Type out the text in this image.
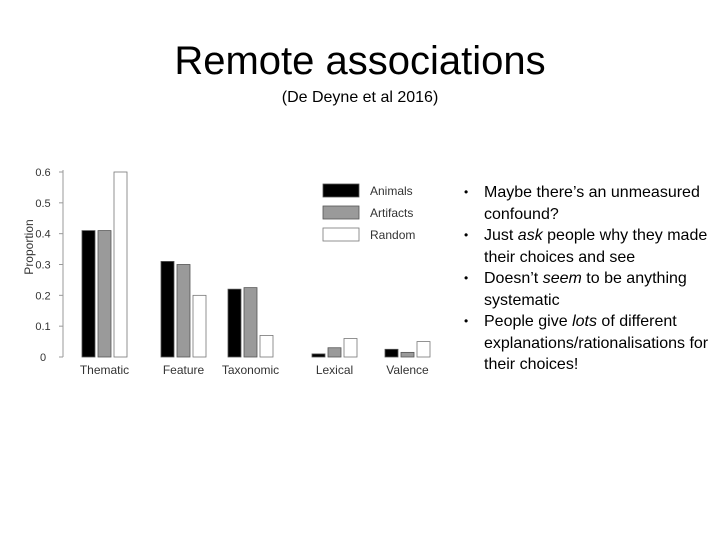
Remote associations
(De Deyne et al 2016)
Proportion
0
0.1
0.2
0.3
0.4
0.5
0.6
Thematic	Feature Taxonomic	Lexical	Valence
Animals
Artifacts
Random
• Maybe there’s an unmeasured confound?
• Just ask people why they made their choices and see
• Doesn’t seem to be anything systematic
• People give lots of different explanations/rationalisations for their choices!
